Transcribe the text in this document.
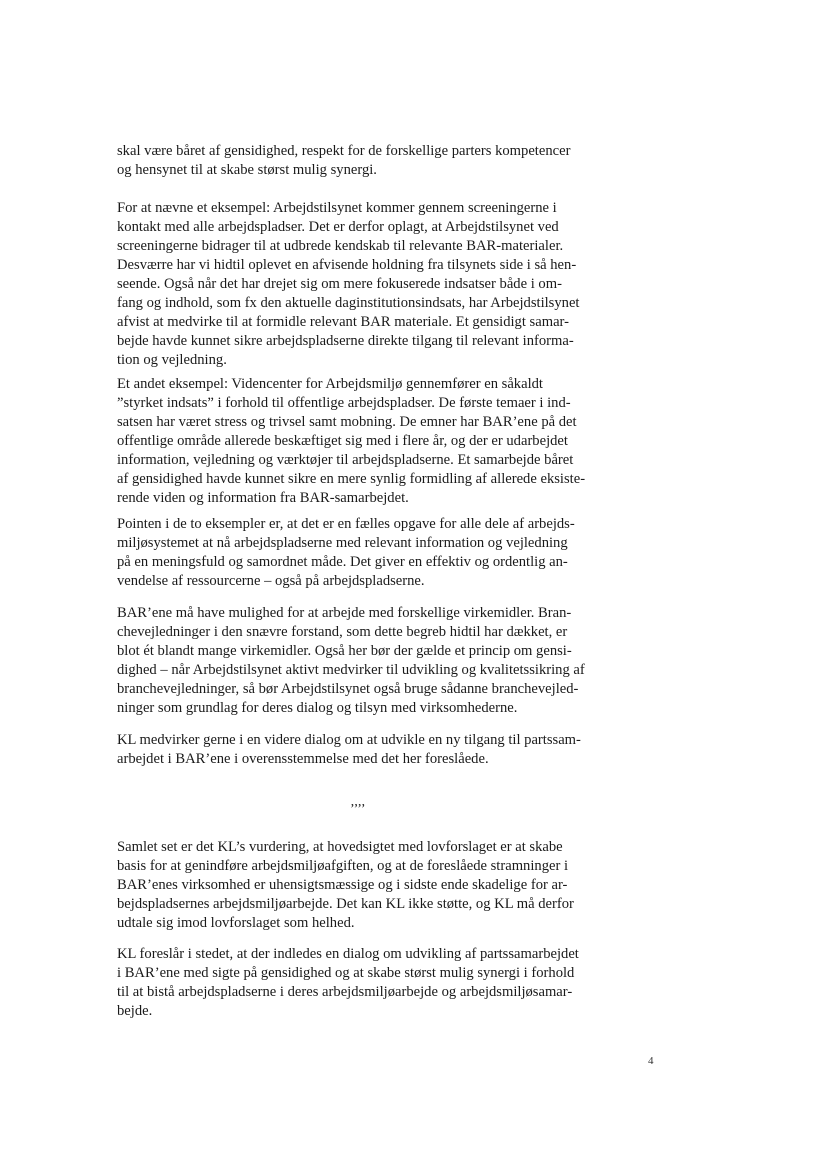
skal være båret af gensidighed, respekt for de forskellige parters kompetencer
og hensynet til at skabe størst mulig synergi.
For at nævne et eksempel: Arbejdstilsynet kommer gennem screeningerne i
kontakt med alle arbejdspladser. Det er derfor oplagt, at Arbejdstilsynet ved
screeningerne bidrager til at udbrede kendskab til relevante BAR-materialer.
Desværre har vi hidtil oplevet en afvisende holdning fra tilsynets side i så hen-
seende. Også når det har drejet sig om mere fokuserede indsatser både i om-
fang og indhold, som fx den aktuelle daginstitutionsindsats, har Arbejdstilsynet
afvist at medvirke til at formidle relevant BAR materiale. Et gensidigt samar-
bejde havde kunnet sikre arbejdspladserne direkte tilgang til relevant informa-
tion og vejledning.
Et andet eksempel: Videncenter for Arbejdsmiljø gennemfører en såkaldt
”styrket indsats” i forhold til offentlige arbejdspladser. De første temaer i ind-
satsen har været stress og trivsel samt mobning. De emner har BAR’ene på det
offentlige område allerede beskæftiget sig med i flere år, og der er udarbejdet
information, vejledning og værktøjer til arbejdspladserne. Et samarbejde båret
af gensidighed havde kunnet sikre en mere synlig formidling af allerede eksiste-
rende viden og information fra BAR-samarbejdet.
Pointen i de to eksempler er, at det er en fælles opgave for alle dele af arbejds-
miljøsystemet at nå arbejdspladserne med relevant information og vejledning
på en meningsfuld og samordnet måde. Det giver en effektiv og ordentlig an-
vendelse af ressourcerne – også på arbejdspladserne.
BAR’ene må have mulighed for at arbejde med forskellige virkemidler. Bran-
chevejledninger i den snævre forstand, som dette begreb hidtil har dækket, er
blot ét blandt mange virkemidler. Også her bør der gælde et princip om gensi-
dighed – når Arbejdstilsynet aktivt medvirker til udvikling og kvalitetssikring af
branchevejledninger, så bør Arbejdstilsynet også bruge sådanne branchevejled-
ninger som grundlag for deres dialog og tilsyn med virksomhederne.
KL medvirker gerne i en videre dialog om at udvikle en ny tilgang til partssam-
arbejdet i BAR’ene i overensstemmelse med det her foreslåede.
’’’’
Samlet set er det KL’s vurdering, at hovedsigtet med lovforslaget er at skabe
basis for at genindføre arbejdsmiljøafgiften, og at de foreslåede stramninger i
BAR’enes virksomhed er uhensigtsmæssige og i sidste ende skadelige for ar-
bejdspladsernes arbejdsmiljøarbejde. Det kan KL ikke støtte, og KL må derfor
udtale sig imod lovforslaget som helhed.
KL foreslår i stedet, at der indledes en dialog om udvikling af partssamarbejdet
i BAR’ene med sigte på gensidighed og at skabe størst mulig synergi i forhold
til at bistå arbejdspladserne i deres arbejdsmiljøarbejde og arbejdsmiljøsamar-
bejde.
4
